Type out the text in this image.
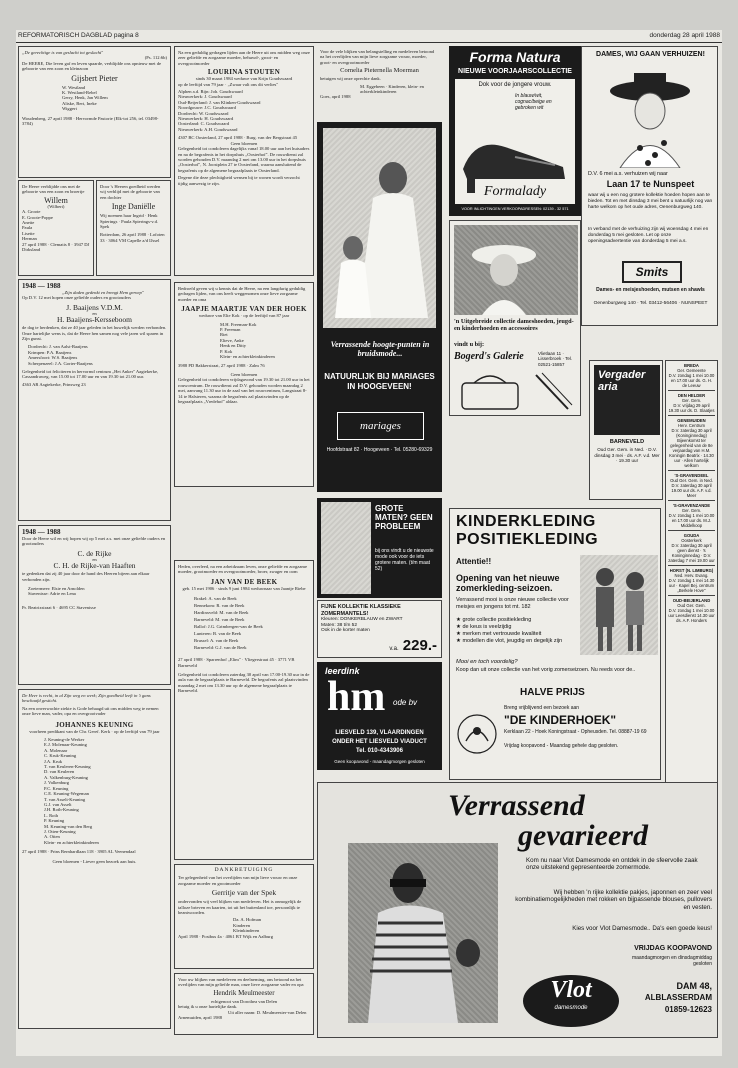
REFORMATORISCH DAGBLAD pagina 8	donderdag 28 april 1988
„De gerechtige is van geslacht tot geslacht"
(Ps. 112:6b)
De HEERE, Die leven gaf en leven spaarde, verblijdde ons opnieuw met de geboorte van een zoon en kleinzoon
Gijsbert Pieter
W. Westland
K. Westland-Rebel
Gerry, Henk, Jan Willem
Aliske, Bert, Ineke
Wiggert
Woudenberg, 27 april 1988 · Hervormde Pastorie (Elk-tot 256, tel. 03498-3784)
De Heere verblijdde ons met de geboorte van een zoon en broertje
Willem
(Wilbert)
A. Groote
E. Groote-Poppe
Anette
Paula
Lisette
Herman
27 april 1988 · Clematis 8 · 3947 DJ Dirksland
Door 's Heeren goedheid werden wij verblijd met de geboorte van een dochter
Inge Daniëlle
Wij noemen haar Ingrid · Henk Spierings · Paula Spierings-v.d. Spek
Rotterdam, 26 april 1988 · Lofoten 33 · 3064 VM Capelle a/d IJssel
1948 — 1988
„Zijn daden gedenkt en brengt Hem geroep"
Op D.V. 12 mei hopen onze geliefde ouders en grootouders
J. Baaijens V.D.M.
en
H. Baaijens-Kersseboom
de dag te herdenken, dat ze 40 jaar geleden in het huwelijk werden verbonden. Onze hartelijke wens is, dat de Heere hen samen nog vele jaren wil sparen in Zijn gunst.
Dordrecht: J. van Aalst-Baaijens
Krimpen: P.A. Baaijens
Amersfoort: W.S. Baaijens
Scherpenzeel: J.A. Gorter-Baaijens
Gelegenheid tot feliciteren in hervormd centrum „Het Anker" Aagtekerke, Cassandraweg, van 15.00 tot 17.00 uur en van 19.30 tot 21.00 uur.
4363 AR Aagtekerke, Prinsweg 23
1948 — 1988
Door de Heere wil en wij hopen wij op 5 mei a.s. met onze geliefde ouders en grootouders
C. de Rijke
en
C. H. de Rijke-van Haaften
te gedenken dat zij 40 jaar door de hand des Heeren bijeen aan elkaar verbonden zijn.
Zoetermeer: Elsie en Arnolden
Stavenisse: Adrie en Lena
Pr. Beatrixstraat 6 · 4695 CC Stavenisse
De Heer is recht, in al Zijn weg en werk; Zijn goedheid leeft in 't gans beschaafd gesticht.
Na een onverwachte ziekte is Gode behaagd uit ons midden weg te nemen onze lieve man, vader, opa en overgrootvader
JOHANNES KEUNING
voorheen predikant van de Chr. Geref. Kerk · op de leeftijd van 79 jaar
J. Keuning-de Werker
E.J. Molenaar-Keuning
A. Molenaar
C. Kruk-Keuning
J.A. Kruk
T. van Keuleren-Keuning
D. van Keuleren
A. Valkenburg-Keuning
J. Valkenburg
P.C. Keuning
C.E. Keuning-Wegeman
T. van Asselt-Keuning
G.J. van Asselt
J.H. Roth-Keuning
L. Roth
P. Keuning
M. Keuning-van den Berg
J. Otten-Keuning
A. Otten
Klein- en achterkleinkinderen
27 april 1988 · Prins Bernhardlaan 118 · 3905 AL Veenendaal
Geen bloemen - Liever geen bezoek aan huis.
Na een geduldig gedragen lijden aan de Heere uit ons midden weg onze zeer geliefde en zorgzame moeder, behuwd-, groot- en overgrootmoeder
LOURINA STOUTEN
sinds 30 maart 1984 weduwe van Krijn Goudswaard
op de leeftijd van 79 jaar · „Zwaar valt ons dit verlies"
Alphen a.d. Rijn: Joh. Goudswaard
Nieuwerkerk: J. Goudswaard
Oud-Beijerland: J. van Klinken-Goudswaard
Noordgouwe: J.C. Goudswaard
Dordrecht: W. Goudswaard
Nieuwerkerk: H. Goudswaard
Oosterland: C. Goudswaard
Nieuwerkerk: A.H. Goudswaard
4307 BC Oosterland, 27 april 1988 · Burg. van der Bergstraat 45
Geen bloemen
Gelegenheid tot condoleren dagelijks vanaf 18.00 uur aan het huisadres en na de begrafenis in het dorpshuis „Oosterhof". De rouwdienst zal worden gehouden D.V. maandag 2 mei om 13.00 uur in het dorpshuis „Oosterhof", N. Joostplein 27 te Oosterland, waarna aansluitend de begrafenis op de algemene begraafplaats te Oosterland.
Degene die deze plechtigheid wensen bij te wonen wordt verzocht tijdig aanwezig te zijn.
Bedroefd geven wij u kennis dat de Heere, na een langdurig geduldig gedragen lijden, van ons heeft weggenomen onze lieve zorgzame moeder en oma
JAAPJE MAARTJE VAN DER HOEK
weduwe van Elie Kok · op de leeftijd van 87 jaar
M.H. Freeman-Kok
P. Freeman
Riet
Elieve, Anke
Henk en Ditty
P. Kok
Klein- en achterkleinkinderen
3988 PD Bakkerstraat, 27 april 1988 · Zalm 76
Geen bloemen
Gelegenheid tot condoleren vrijdagavond van 19.30 tot 21.00 uur in het rouwcentrum. De rouwdienst zal D.V. gehouden worden maandag 2 mei, aanvang 11.30 uur in de zaal van het rouwcentrum, Langstraat 8-14 te Halsteren, waarna de begrafenis zal plaatsvinden op de begraafplaats „Vredehof" aldaar.
Heden, overleed, na een arbeidzaam leven, onze geliefde en zorgzame moeder, grootmoeder en overgrootmoeder, broer, zwager en oom
JAN VAN DE BEEK
geb. 15 mei 1906 · sinds 9 juni 1984 weduwnaar van Jaantje Riebe
Brakel: A. van de Beek
Bennekom: R. van de Beek
Hardinxveld: M. van de Beek
Barneveld: M. van de Beek
Ballof: J.G. Grimbergen-van de Beek
Lunteren: B. van de Beek
Brussel: A. van de Beek
Barneveld: G.J. van de Beek
27 april 1988 · Sparrenhof „Elim" · Vliegerstraat 45 · 3771 VB Barneveld
Gelegenheid tot condoleren zaterdag 30 april van 17.00-19.30 uur in de aula van de begraafplaats te Barneveld. De begrafenis zal plaatsvinden maandag 2 mei om 13.30 uur op de algemene begraafplaats te Barneveld.
DANKBETUIGING
Ter gelegenheid van het overlijden van mijn lieve vrouw en onze zorgzame moeder en grootmoeder
Gerritje van der Spek
ondervonden wij veel blijken van medeleven. Het is onmogelijk de talloze brieven en kaarten, tot uit het buitenland toe, persoonlijk te beantwoorden.
Da. A. Hofman
Kinderen
Kleinkinderen
April 1988 · Postbus 4a · 4061 BT Wijk en Aalburg
Voor uw blijken van medeleven en deelneming, ons betoond na het overlijden van mijn geliefde man, onze lieve zorgzame vader en opa
Hendrik Meulmeester
echtgenoot van Dorothea van Delen
betuig ik u onze hartelijke dank.
Uit aller naam: D. Meulmeester-van Delen
Arnemuiden, april 1988
Voor de vele blijken van belangstelling en medeleven betoond na het overlijden van mijn lieve zorgzame vrouw, moeder, groot- en overgrootmoeder
Cornelia Pieternella Moerman
betuigen wij onze oprechte dank.
M. Eggebeen · Kinderen, klein- en achterkleinkinderen
Goes, april 1988
Verrassende hoogte-punten in bruidsmode...
NATUURLIJK BIJ MARIAGES IN HOOGEVEEN!
mariages
Hoofdstraat 82 · Hoogeveen · Tel. 05280-69329
GROTE MATEN? GEEN PROBLEEM
bij ons vindt u de nieuwste mode ook voor de iets grotere maten. (t/m maat 52)
FIJNE KOLLEKTIE KLASSIEKE ZOMERMANTELS!
Kleuren: DONKERBLAUW en ZWART
Maten: 38 t/m 52
Ook in de korter maten
v.a. 229.-
leerdink
hm ode bv
LIESVELD 139, VLAARDINGEN
ONDER HET LIESVELD VIADUCT
Tel. 010-4343906
Geen koopavond - maandagmorgen gesloten
Forma Natura
NIEUWE VOORJAARSCOLLECTIE
Dok voor de jongere vrouw.
In blauw/wit, cognac/beige en gebroken wit
Formalady
VOOR INLICHTINGEN VERKOOPADRESSEN: 02139 - 32 571
'n Uitgebreide collectie dameshoeden, jeugd- en kinderhoeden en accessoires
vindt u bij:
Bogerd's Galerie	Vlietlaan 11 · Lisserbroek · Tel. 02521-15857
DAMES, WIJ GAAN VERHUIZEN!
D.V. 6 mei a.s. verhuizen wij naar
Laan 17 te Nunspeet
waar wij u een nog grotere kollektie hoeden hopen aan te bieden. Tot en met dinsdag 3 mei bent u natuurlijk nog van harte welkom op het oude adres, Oenenburgweg 140.
In verband met de verhuizing zijn wij woensdag 4 mei en donderdag 5 mei gesloten. Let op onze openingsadvertentie van donderdag 5 mei a.s.
Smits
Dames- en meisjeshoeden, mutsen en shawls
Oenenburgweg 140 · Tel. 03412-56406 · NUNSPEET
Vergader aria
BARNEVELD
Oud Ger. Gem. in Ned. · D.V. dinsdag 3 mei · ds. A.F. v.d. Mer · 19.30 uur
BREDA
Ger. Gemeente
D.V. zondag 1 mei 10.00 en 17.00 uur ds. G. H. de Leeuw
DEN HELDER
Ger. Gem.
D.V. vrijdag 29 april 19.30 uur ds. D. Slaatjes
GENEMUIDEN
Herv. Centrum
D.V. zaterdag 30 april (Koninginnedag) Bijeenkomst ter gelegenheid van de 8e verjaardag van H.M. Koningin Beatrix · 14.30 uur · Allen hartelijk welkom
'S-GRAVENDEEL
Oud Ger. Gem. in Ned.
D.V. zaterdag 30 april 19.00 uur ds. A.F. v.d. Meer
'S-GRAVENZANDE
Ger. Gem.
D.V. zondag 1 mei 10.00 en 17.00 uur ds. M.J. Middelkoop
GOUDA
Oosterkerk
D.V. zaterdag 30 april geen dienst · 's Koninginnedag · D.V. zaterdag 7 mei 19.00 uur
HORST (N. LIMBURG)
Ned. Herv. Evang.
D.V. zondag 1 mei 14.30 uur · Kapel Bej. centrum „Berkele Hove"
OUD-BEIJERLAND
Oud Ger. Gem.
D.V. zondag 1 mei 10.00 uur Leesdienst 14.30 uur ds. A.F. Honders
KINDERKLEDING
POSITIEKLEDING
Attentie!!
Opening van het nieuwe zomerkleding-seizoen.
Verrassend mooi is onze nieuwe collectie voor meisjes en jongens tot mt. 182
★ grote collectie positiekleding
★ de keus is veelzijdig
★ merken met vertrouwde kwaliteit
★ modellen die vlot, jeugdig en degelijk zijn
Mooi en toch voordelig?
Koop dan uit onze collectie van het vorig zomerseizoen. Nu reeds voor de..
HALVE PRIJS
Breng vrijblijvend een bezoek aan
"DE KINDERHOEK"
Kerklaan 22 - Hoek Koningstraat - Opheusden. Tel. 08887-19 69
Vrijdag koopavond - Maandag gehele dag gesloten.
Verrassend
gevarieerd
Kom nu naar Vlot Damesmode en ontdek in de sfeervolle zaak onze uitstekend gepresenteerde zomermode.
Wij hebben 'n rijke kollektie pakjes, japonnen en zeer veel kombinatiemogelijkheden met rokken en bijpassende blouses, pullovers en vesten.
Kies voor Vlot Damesmode.. Da's een goede keus!
VRIJDAG KOOPAVOND
maandagmorgen en dinsdagmiddag gesloten
Vlot
damesmode
DAM 48,
ALBLASSERDAM
01859-12623
